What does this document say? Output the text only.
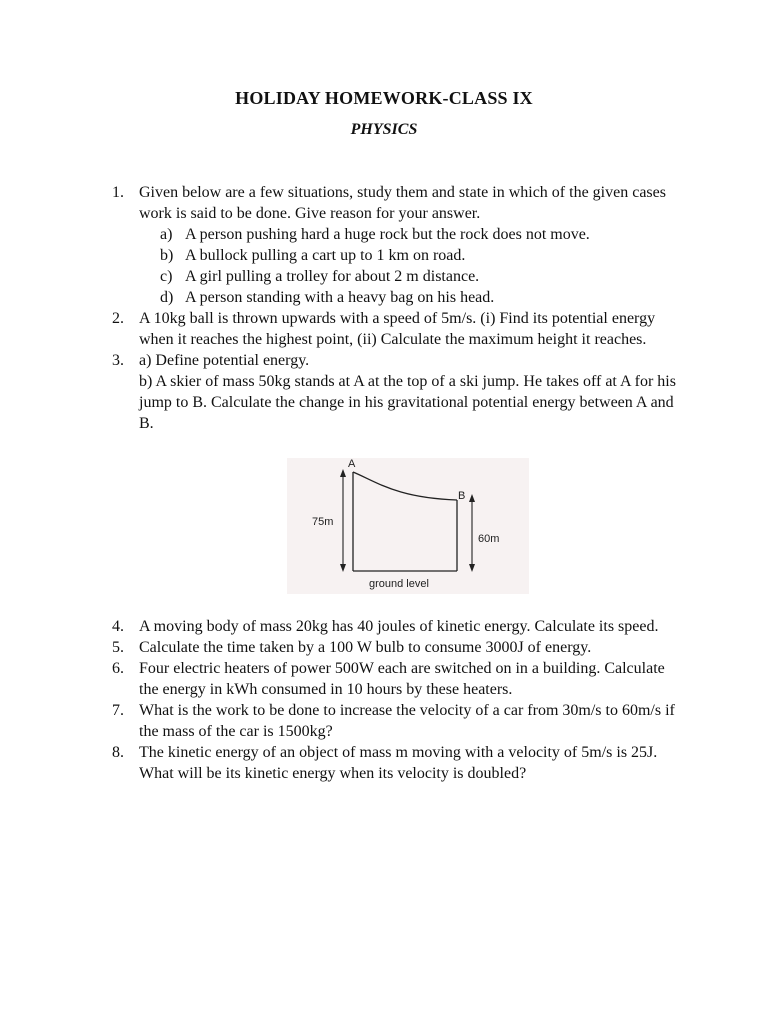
HOLIDAY HOMEWORK-CLASS IX
PHYSICS
1. Given below are a few situations, study them and state in which of the given cases work is said to be done. Give reason for your answer.
a) A person pushing hard a huge rock but the rock does not move.
b) A bullock pulling a cart up to 1 km on road.
c) A girl pulling a trolley for about 2 m distance.
d) A person standing with a heavy bag on his head.
2. A 10kg ball is thrown upwards with a speed of 5m/s. (i) Find its potential energy when it reaches the highest point, (ii) Calculate the maximum height it reaches.
3. a) Define potential energy.
b) A skier of mass 50kg stands at A at the top of a ski jump. He takes off at A for his jump to B. Calculate the change in his gravitational potential energy between A and B.
A
B
75m
60m
ground level
4. A moving body of mass 20kg has 40 joules of kinetic energy. Calculate its speed.
5. Calculate the time taken by a 100 W bulb to consume 3000J of energy.
6. Four electric heaters of power 500W each are switched on in a building. Calculate the energy in kWh consumed in 10 hours by these heaters.
7. What is the work to be done to increase the velocity of a car from 30m/s to 60m/s if the mass of the car is 1500kg?
8. The kinetic energy of an object of mass m moving with a velocity of 5m/s is 25J. What will be its kinetic energy when its velocity is doubled?
